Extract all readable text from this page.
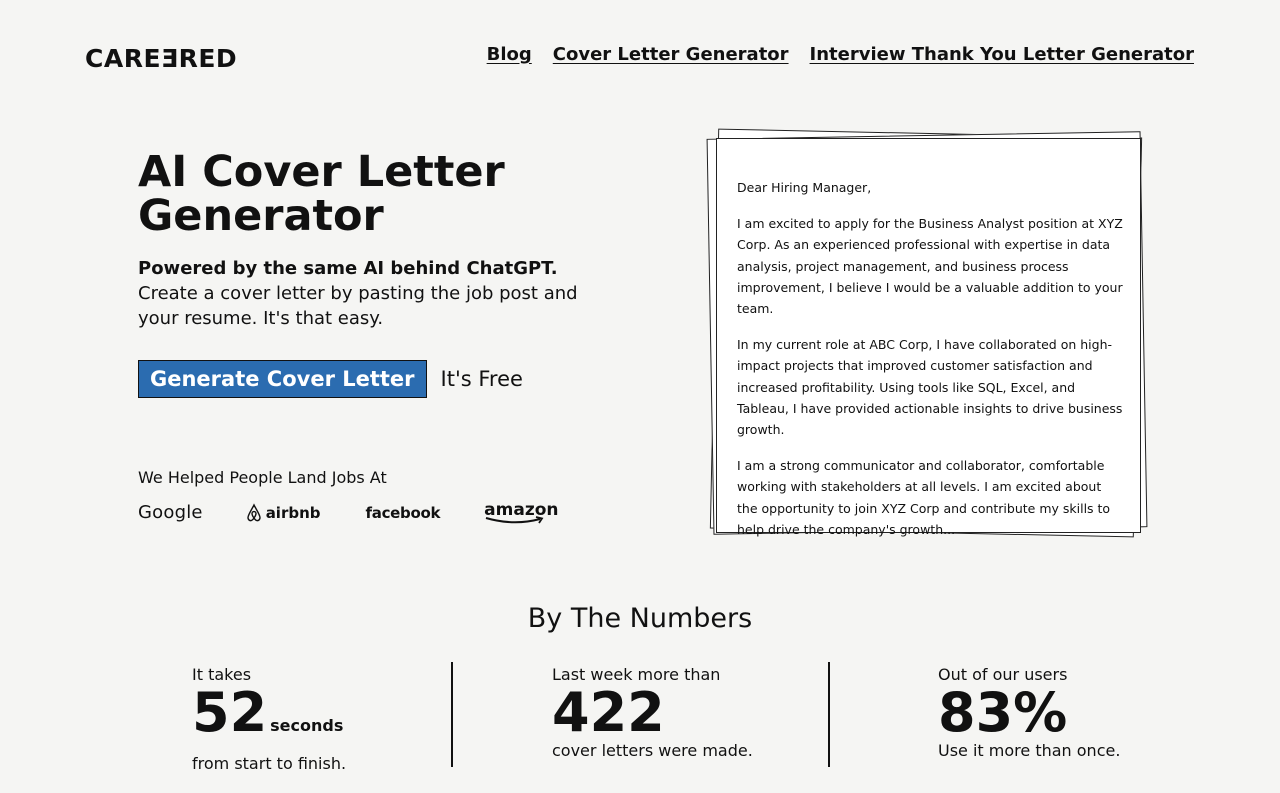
CAREƎRED	Blog Cover Letter Generator Interview Thank You Letter Generator
AI Cover Letter Generator

Powered by the same AI behind ChatGPT. Create a cover letter by pasting the job post and your resume. It's that easy.

Generate Cover Letter	It's Free
We Helped People Land Jobs At
Google	airbnb	facebook	amazon

Dear Hiring Manager,

I am excited to apply for the Business Analyst position at XYZ Corp. As an experienced professional with expertise in data analysis, project management, and business process improvement, I believe I would be a valuable addition to your team.

In my current role at ABC Corp, I have collaborated on high-impact projects that improved customer satisfaction and increased profitability. Using tools like SQL, Excel, and Tableau, I have provided actionable insights to drive business growth.

I am a strong communicator and collaborator, comfortable working with stakeholders at all levels. I am excited about the opportunity to join XYZ Corp and contribute my skills to help drive the company's growth...

By The Numbers
It takes
52 seconds
from start to finish.
Last week more than
422
cover letters were made.
Out of our users
83%
Use it more than once.
